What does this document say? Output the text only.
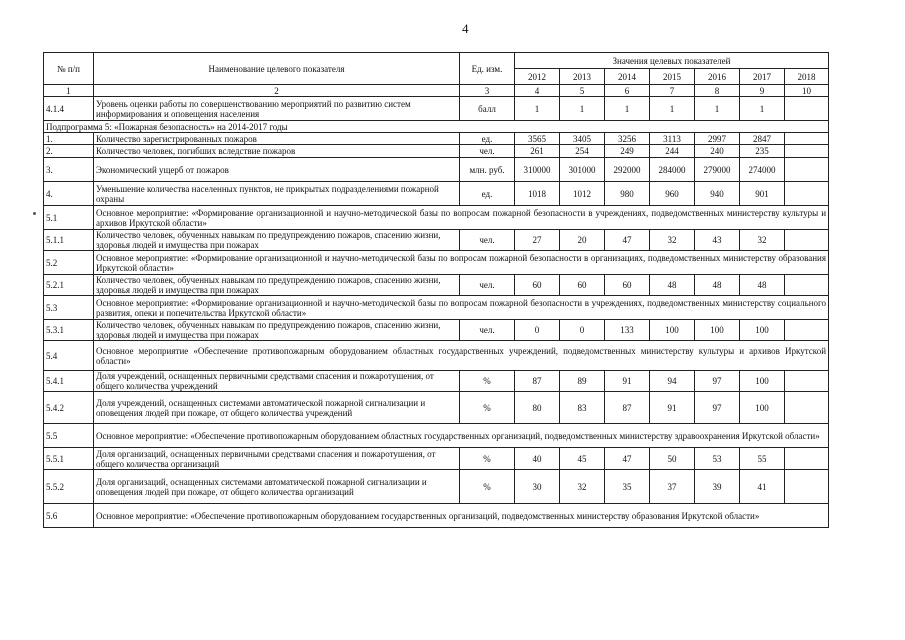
4
№ п/п	Наименование целевого показателя	Ед. изм.	Значения целевых показателей						
			2012	2013	2014	2015	2016	2017	2018
1	2	3	4	5	6	7	8	9	10
4.1.4	Уровень оценки работы по совершенствованию мероприятий по развитию систем информирования и оповещения населения	балл	1	1	1	1	1	1	
Подпрограмма 5: «Пожарная безопасность» на 2014-2017 годы									
1.	Количество зарегистрированных пожаров	ед.	3565	3405	3256	3113	2997	2847	
2.	Количество человек, погибших вследствие пожаров	чел.	261	254	249	244	240	235	
3.	Экономический ущерб от пожаров	млн. руб.	310000	301000	292000	284000	279000	274000	
4.	Уменьшение количества населенных пунктов, не прикрытых подразделениями пожарной охраны	ед.	1018	1012	980	960	940	901	
5.1	Основное мероприятие: «Формирование организационной и научно-методической базы по вопросам пожарной безопасности в учреждениях, подведомственных министерству культуры и архивов Иркутской области»								
5.1.1	Количество человек, обученных навыкам по предупреждению пожаров, спасению жизни, здоровья людей и имущества при пожарах	чел.	27	20	47	32	43	32	
5.2	Основное мероприятие: «Формирование организационной и научно-методической базы по вопросам пожарной безопасности в организациях, подведомственных министерству образования Иркутской области»								
5.2.1	Количество человек, обученных навыкам по предупреждению пожаров, спасению жизни, здоровья людей и имущества при пожарах	чел.	60	60	60	48	48	48	
5.3	Основное мероприятие: «Формирование организационной и научно-методической базы по вопросам пожарной безопасности в учреждениях, подведомственных министерству социального развития, опеки и попечительства Иркутской области»								
5.3.1	Количество человек, обученных навыкам по предупреждению пожаров, спасению жизни, здоровья людей и имущества при пожарах	чел.	0	0	133	100	100	100	
5.4	Основное мероприятие «Обеспечение противопожарным оборудованием областных государственных учреждений, подведомственных министерству культуры и архивов Иркутской области»								
5.4.1	Доля учреждений, оснащенных первичными средствами спасения и пожаротушения, от общего количества учреждений	%	87	89	91	94	97	100	
5.4.2	Доля учреждений, оснащенных системами автоматической пожарной сигнализации и оповещения людей при пожаре, от общего количества учреждений	%	80	83	87	91	97	100	
5.5	Основное мероприятие: «Обеспечение противопожарным оборудованием областных государственных организаций, подведомственных министерству здравоохранения Иркутской области»								
5.5.1	Доля организаций, оснащенных первичными средствами спасения и пожаротушения, от общего количества организаций	%	40	45	47	50	53	55	
5.5.2	Доля организаций, оснащенных системами автоматической пожарной сигнализации и оповещения людей при пожаре, от общего количества организаций	%	30	32	35	37	39	41	
5.6	Основное мероприятие: «Обеспечение противопожарным оборудованием государственных организаций, подведомственных министерству образования Иркутской области»								
